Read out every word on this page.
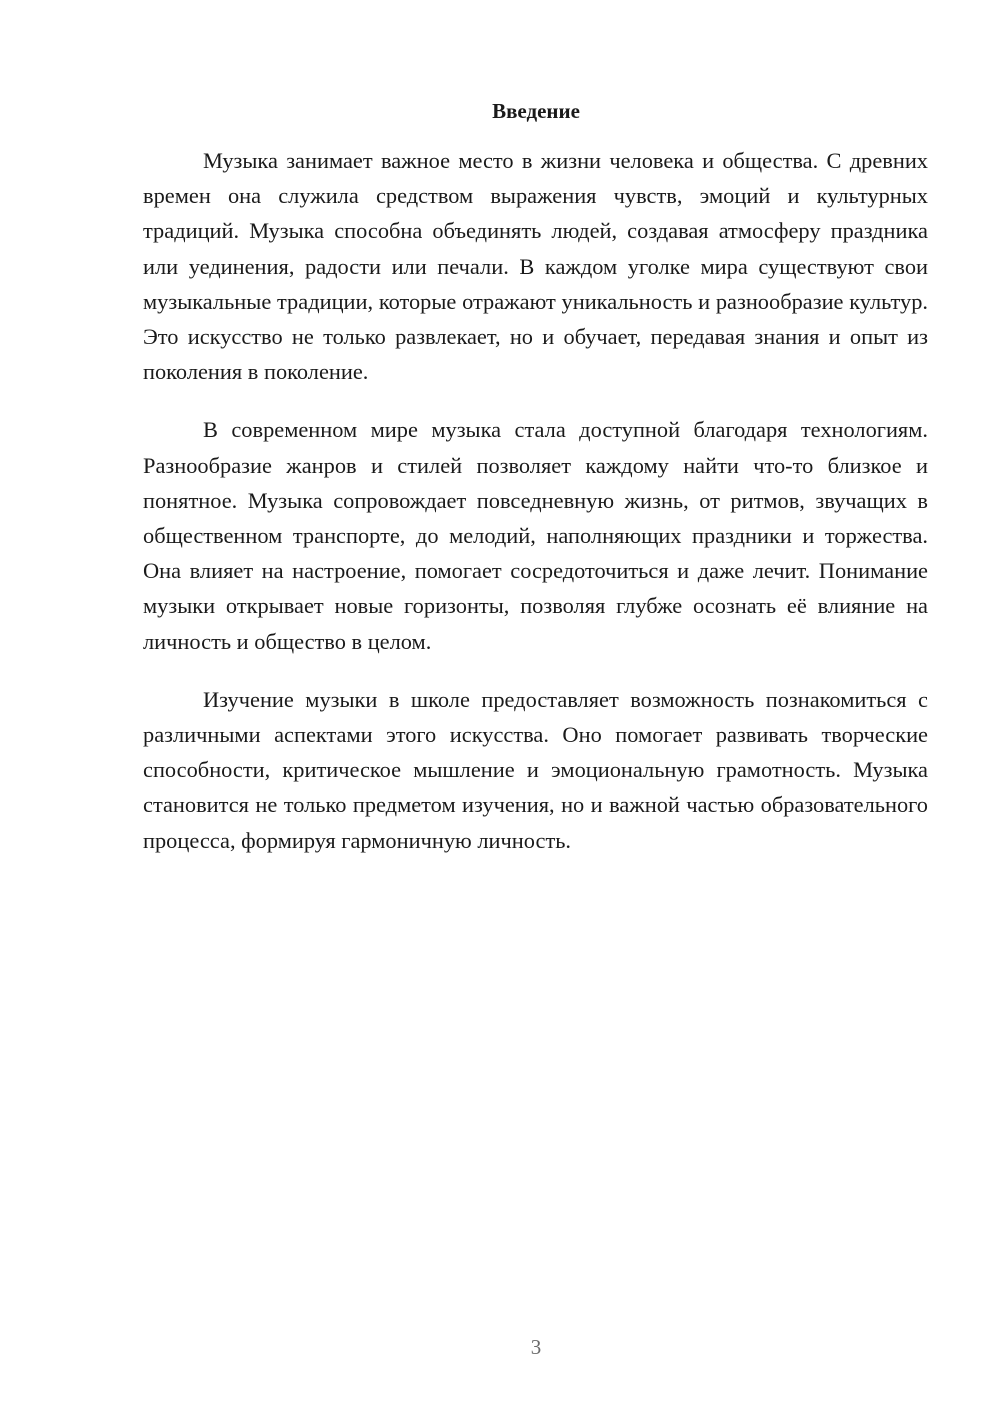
Введение

Музыка занимает важное место в жизни человека и общества. С древних времен она служила средством выражения чувств, эмоций и культурных традиций. Музыка способна объединять людей, создавая атмосферу праздника или уединения, радости или печали. В каждом уголке мира существуют свои музыкальные традиции, которые отражают уникальность и разнообразие культур. Это искусство не только развлекает, но и обучает, передавая знания и опыт из поколения в поколение.

В современном мире музыка стала доступной благодаря технологиям. Разнообразие жанров и стилей позволяет каждому найти что-то близкое и понятное. Музыка сопровождает повседневную жизнь, от ритмов, звучащих в общественном транспорте, до мелодий, наполняющих праздники и торжества. Она влияет на настроение, помогает сосредоточиться и даже лечит. Понимание музыки открывает новые горизонты, позволяя глубже осознать её влияние на личность и общество в целом.

Изучение музыки в школе предоставляет возможность познакомиться с различными аспектами этого искусства. Оно помогает развивать творческие способности, критическое мышление и эмоциональную грамотность. Музыка становится не только предметом изучения, но и важной частью образовательного процесса, формируя гармоничную личность.

3
